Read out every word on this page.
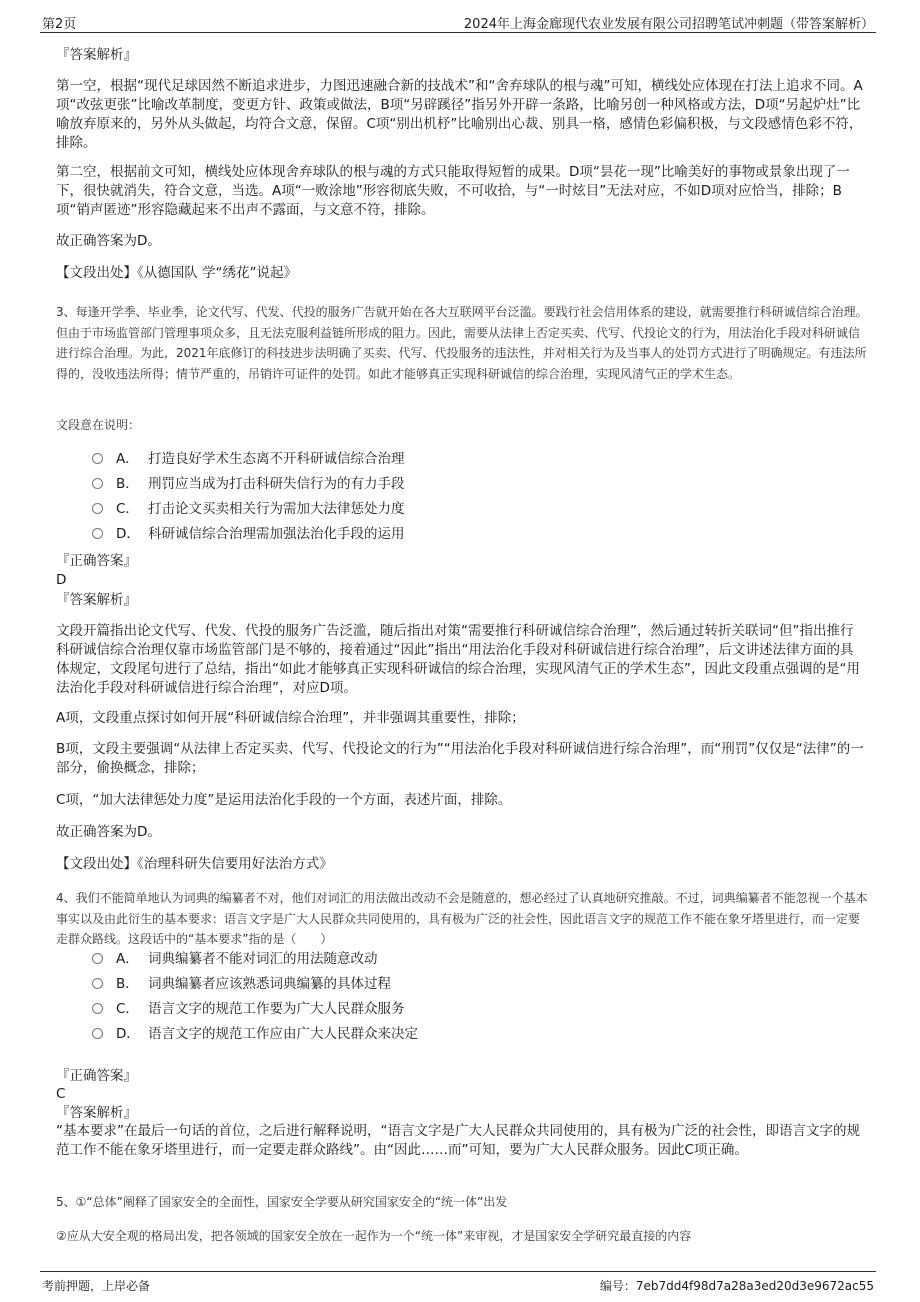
第2页	2024年上海金廊现代农业发展有限公司招聘笔试冲刺题（带答案解析）
『答案解析』
第一空，根据“现代足球因然不断追求进步，力图迅速融合新的技战术”和“舍弃球队的根与魂”可知，横线处应体现在打法上追求不同。A项“改弦更张”比喻改革制度，变更方针、政策或做法，B项“另辟蹊径”指另外开辟一条路，比喻另创一种风格或方法，D项“另起炉灶”比喻放弃原来的，另外从头做起，均符合文意，保留。C项“别出机杼”比喻别出心裁、别具一格，感情色彩偏积极，与文段感情色彩不符，排除。
第二空，根据前文可知，横线处应体现舍弃球队的根与魂的方式只能取得短暂的成果。D项“昙花一现”比喻美好的事物或景象出现了一下，很快就消失，符合文意，当选。A项“一败涂地”形容彻底失败，不可收拾，与“一时炫目”无法对应，不如D项对应恰当，排除；B项“销声匿迹”形容隐藏起来不出声不露面，与文意不符，排除。
故正确答案为D。
【文段出处】《从德国队 学“绣花”说起》
3、每逢开学季、毕业季，论文代写、代发、代投的服务广告就开始在各大互联网平台泛滥。要践行社会信用体系的建设，就需要推行科研诚信综合治理。但由于市场监管部门管理事项众多，且无法克服利益链所形成的阻力。因此，需要从法律上否定买卖、代写、代投论文的行为，用法治化手段对科研诚信进行综合治理。为此，2021年底修订的科技进步法明确了买卖、代写、代投服务的违法性，并对相关行为及当事人的处罚方式进行了明确规定。有违法所得的，没收违法所得；情节严重的，吊销许可证件的处罚。如此才能够真正实现科研诚信的综合治理，实现风清气正的学术生态。
文段意在说明：
A． 打造良好学术生态离不开科研诚信综合治理
B． 刑罚应当成为打击科研失信行为的有力手段
C． 打击论文买卖相关行为需加大法律惩处力度
D． 科研诚信综合治理需加强法治化手段的运用
『正确答案』
D
『答案解析』
文段开篇指出论文代写、代发、代投的服务广告泛滥，随后指出对策“需要推行科研诚信综合治理”，然后通过转折关联词“但”指出推行科研诚信综合治理仅靠市场监管部门是不够的，接着通过“因此”指出“用法治化手段对科研诚信进行综合治理”，后文讲述法律方面的具体规定，文段尾句进行了总结，指出“如此才能够真正实现科研诚信的综合治理，实现风清气正的学术生态”，因此文段重点强调的是“用法治化手段对科研诚信进行综合治理”，对应D项。
A项，文段重点探讨如何开展“科研诚信综合治理”，并非强调其重要性，排除；
B项，文段主要强调“从法律上否定买卖、代写、代投论文的行为”“用法治化手段对科研诚信进行综合治理”，而“刑罚”仅仅是“法律”的一部分，偷换概念，排除；
C项，“加大法律惩处力度”是运用法治化手段的一个方面，表述片面，排除。
故正确答案为D。
【文段出处】《治理科研失信要用好法治方式》
4、我们不能简单地认为词典的编纂者不对，他们对词汇的用法做出改动不会是随意的，想必经过了认真地研究推敲。不过，词典编纂者不能忽视一个基本事实以及由此衍生的基本要求：语言文字是广大人民群众共同使用的，具有极为广泛的社会性，因此语言文字的规范工作不能在象牙塔里进行，而一定要走群众路线。这段话中的“基本要求”指的是（　　）
A． 词典编纂者不能对词汇的用法随意改动
B． 词典编纂者应该熟悉词典编纂的具体过程
C． 语言文字的规范工作要为广大人民群众服务
D． 语言文字的规范工作应由广大人民群众来决定
『正确答案』
C
『答案解析』
“基本要求”在最后一句话的首位，之后进行解释说明，“语言文字是广大人民群众共同使用的，具有极为广泛的社会性，即语言文字的规范工作不能在象牙塔里进行，而一定要走群众路线”。由“因此……而”可知，要为广大人民群众服务。因此C项正确。
5、①“总体”阐释了国家安全的全面性，国家安全学要从研究国家安全的“统一体”出发
②应从大安全观的格局出发，把各领域的国家安全放在一起作为一个“统一体”来审视，才是国家安全学研究最直接的内容
考前押题，上岸必备	编号：7eb7dd4f98d7a28a3ed20d3e9672ac55
